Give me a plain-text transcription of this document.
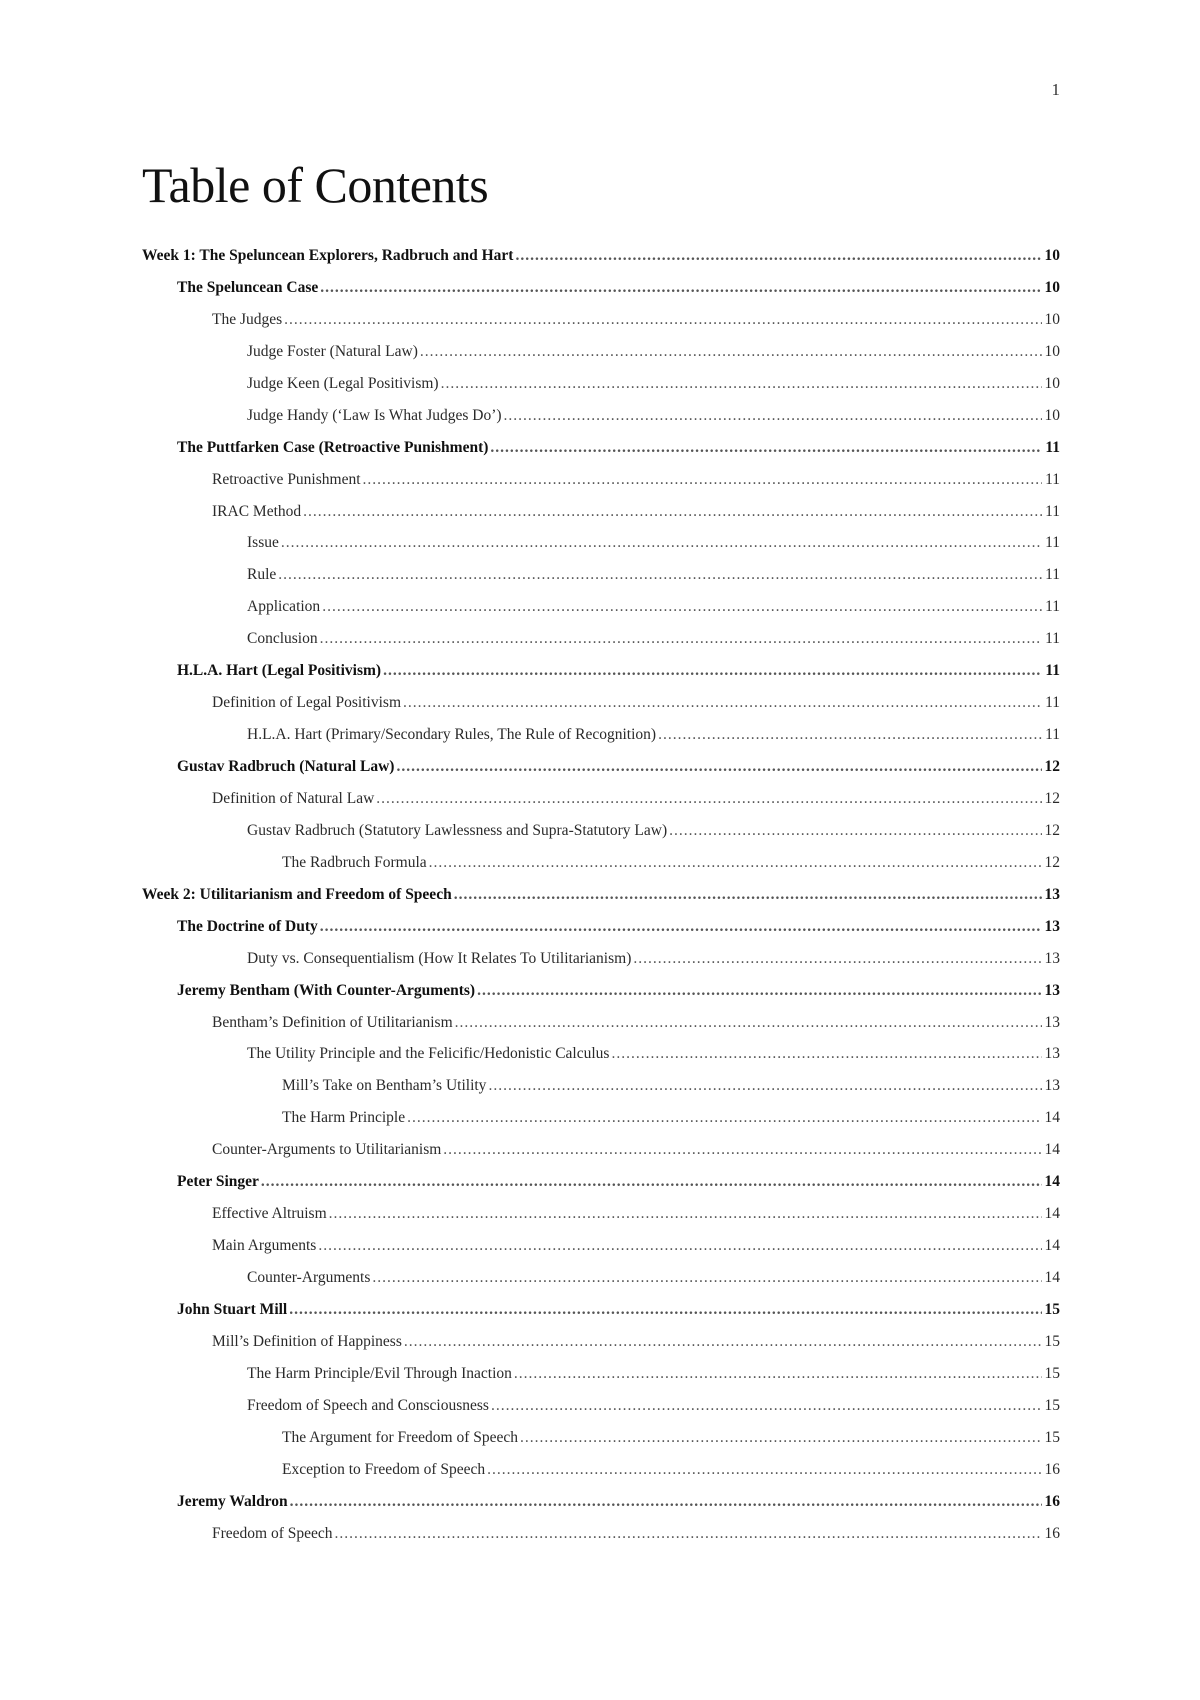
1
Table of Contents
Week 1: The Speluncean Explorers, Radbruch and Hart .....	10
The Speluncean Case .....	10
The Judges .....	10
Judge Foster (Natural Law) .....	10
Judge Keen (Legal Positivism) .....	10
Judge Handy (‘Law Is What Judges Do’) .....	10
The Puttfarken Case (Retroactive Punishment) .....	11
Retroactive Punishment .....	11
IRAC Method .....	11
Issue .....	11
Rule .....	11
Application .....	11
Conclusion .....	11
H.L.A. Hart (Legal Positivism) .....	11
Definition of Legal Positivism .....	11
H.L.A. Hart (Primary/Secondary Rules, The Rule of Recognition) .....	11
Gustav Radbruch (Natural Law) .....	12
Definition of Natural Law .....	12
Gustav Radbruch (Statutory Lawlessness and Supra-Statutory Law) .....	12
The Radbruch Formula .....	12
Week 2: Utilitarianism and Freedom of Speech .....	13
The Doctrine of Duty .....	13
Duty vs. Consequentialism (How It Relates To Utilitarianism) .....	13
Jeremy Bentham (With Counter-Arguments) .....	13
Bentham’s Definition of Utilitarianism .....	13
The Utility Principle and the Felicific/Hedonistic Calculus .....	13
Mill’s Take on Bentham’s Utility .....	13
The Harm Principle .....	14
Counter-Arguments to Utilitarianism .....	14
Peter Singer .....	14
Effective Altruism .....	14
Main Arguments .....	14
Counter-Arguments .....	14
John Stuart Mill .....	15
Mill’s Definition of Happiness .....	15
The Harm Principle/Evil Through Inaction .....	15
Freedom of Speech and Consciousness .....	15
The Argument for Freedom of Speech .....	15
Exception to Freedom of Speech .....	16
Jeremy Waldron .....	16
Freedom of Speech .....	16
